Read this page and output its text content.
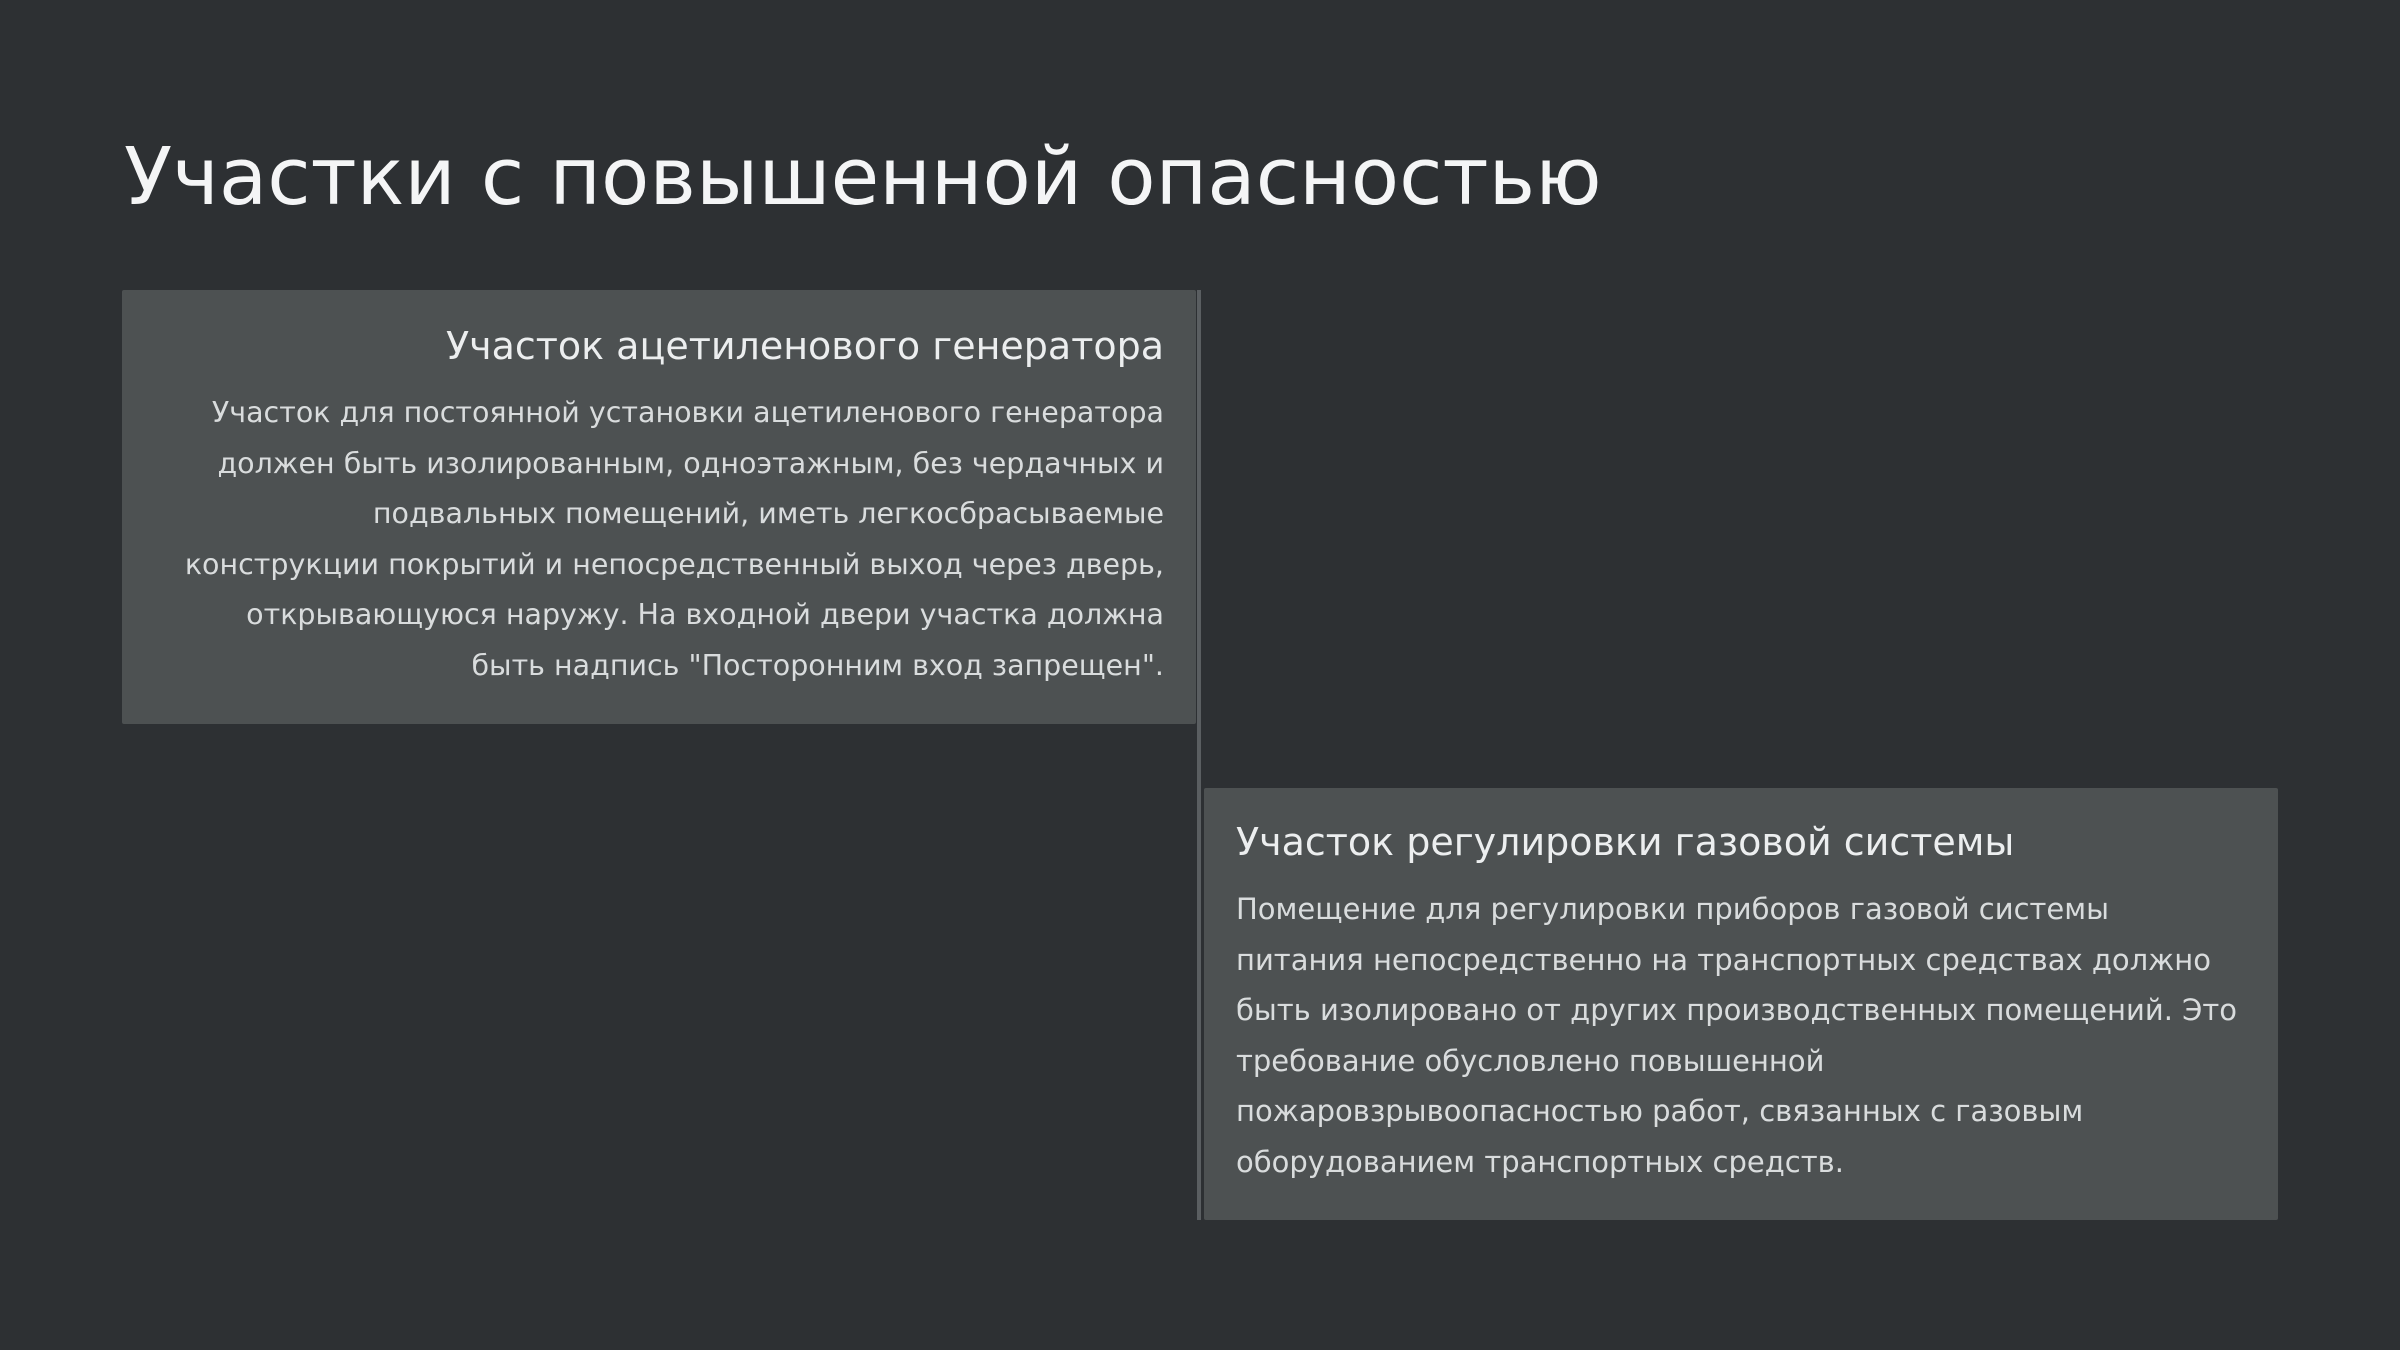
Участки с повышенной опасностью
Участок ацетиленового генератора

Участок для постоянной установки ацетиленового генератора
должен быть изолированным, одноэтажным, без чердачных и
подвальных помещений, иметь легкосбрасываемые
конструкции покрытий и непосредственный выход через дверь,
открывающуюся наружу. На входной двери участка должна
быть надпись "Посторонним вход запрещен".

Участок регулировки газовой системы

Помещение для регулировки приборов газовой системы
питания непосредственно на транспортных средствах должно
быть изолировано от других производственных помещений. Это
требование обусловлено повышенной
пожаровзрывоопасностью работ, связанных с газовым
оборудованием транспортных средств.
